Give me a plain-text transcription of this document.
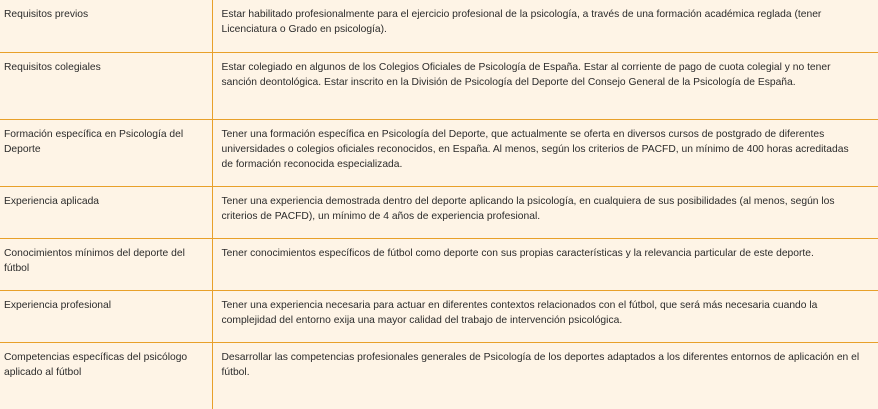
Requisitos previos	Estar habilitado profesionalmente para el ejercicio profesional de la psicología, a través de una formación académica reglada (tener Licenciatura o Grado en psicología).
Requisitos colegiales	Estar colegiado en algunos de los Colegios Oficiales de Psicología de España. Estar al corriente de pago de cuota colegial y no tener sanción deontológica. Estar inscrito en la División de Psicología del Deporte del Consejo General de la Psicología de España.
Formación específica en Psicología del Deporte	Tener una formación específica en Psicología del Deporte, que actualmente se oferta en diversos cursos de postgrado de diferentes universidades o colegios oficiales reconocidos, en España. Al menos, según los criterios de PACFD, un mínimo de 400 horas acreditadas de formación reconocida especializada.
Experiencia aplicada	Tener una experiencia demostrada dentro del deporte aplicando la psicología, en cualquiera de sus posibilidades (al menos, según los criterios de PACFD), un mínimo de 4 años de experiencia profesional.
Conocimientos mínimos del deporte del fútbol	Tener conocimientos específicos de fútbol como deporte con sus propias características y la relevancia particular de este deporte.
Experiencia profesional	Tener una experiencia necesaria para actuar en diferentes contextos relacionados con el fútbol, que será más necesaria cuando la complejidad del entorno exija una mayor calidad del trabajo de intervención psicológica.
Competencias específicas del psicólogo aplicado al fútbol	Desarrollar las competencias profesionales generales de Psicología de los deportes adaptados a los diferentes entornos de aplicación en el fútbol.
